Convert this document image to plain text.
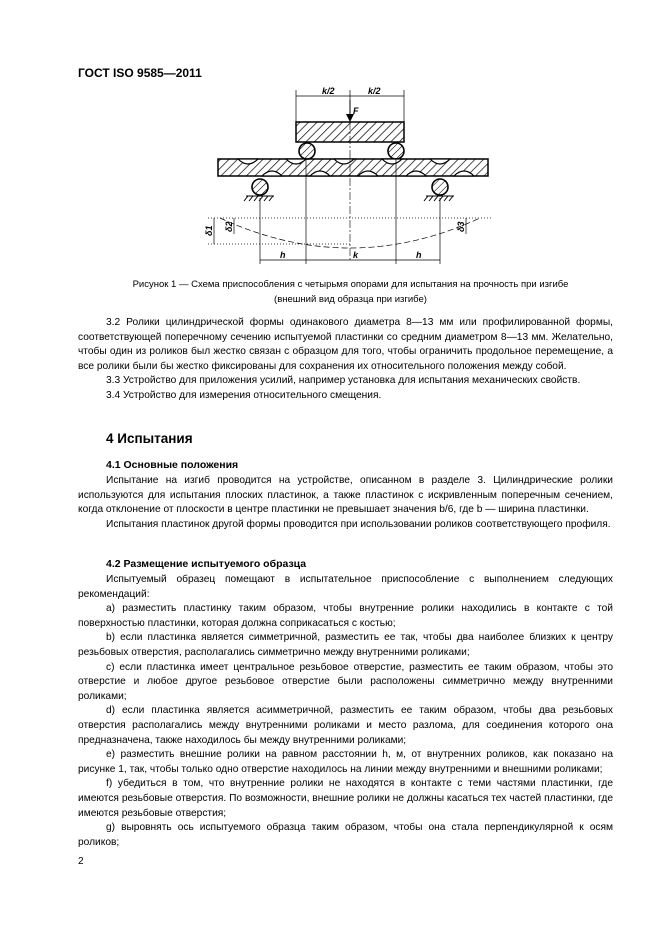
ГОСТ ISO 9585—2011
k/2	k/2
F
δ1 δ2	δ3
h	k	h
Рисунок 1 — Схема приспособления с четырьмя опорами для испытания на прочность при изгибе
(внешний вид образца при изгибе)

3.2 Ролики цилиндрической формы одинакового диаметра 8—13 мм или профилированной формы, соответствующей поперечному сечению испытуемой пластинки со средним диаметром 8—13 мм. Желательно, чтобы один из роликов был жестко связан с образцом для того, чтобы ограничить продольное перемещение, а все ролики были бы жестко фиксированы для сохранения их относительного положения между собой.

3.3 Устройство для приложения усилий, например установка для испытания механических свойств.

3.4 Устройство для измерения относительного смещения.

4 Испытания
4.1 Основные положения

Испытание на изгиб проводится на устройстве, описанном в разделе 3. Цилиндрические ролики используются для испытания плоских пластинок, а также пластинок с искривленным поперечным сечением, когда отклонение от плоскости в центре пластинки не превышает значения b/6, где b — ширина пластинки.

Испытания пластинок другой формы проводится при использовании роликов соответствующего профиля.

4.2 Размещение испытуемого образца

Испытуемый образец помещают в испытательное приспособление с выполнением следующих рекомендаций:

a) разместить пластинку таким образом, чтобы внутренние ролики находились в контакте с той поверхностью пластинки, которая должна соприкасаться с костью;

b) если пластинка является симметричной, разместить ее так, чтобы два наиболее близких к центру резьбовых отверстия, располагались симметрично между внутренними роликами;

c) если пластинка имеет центральное резьбовое отверстие, разместить ее таким образом, чтобы это отверстие и любое другое резьбовое отверстие были расположены симметрично между внутренними роликами;

d) если пластинка является асимметричной, разместить ее таким образом, чтобы два резьбовых отверстия располагались между внутренними роликами и место разлома, для соединения которого она предназначена, также находилось бы между внутренними роликами;

e) разместить внешние ролики на равном расстоянии h, м, от внутренних роликов, как показано на рисунке 1, так, чтобы только одно отверстие находилось на линии между внутренними и внешними роликами;

f) убедиться в том, что внутренние ролики не находятся в контакте с теми частями пластинки, где имеются резьбовые отверстия. По возможности, внешние ролики не должны касаться тех частей пластинки, где имеются резьбовые отверстия;

g) выровнять ось испытуемого образца таким образом, чтобы она стала перпендикулярной к осям роликов;

2
